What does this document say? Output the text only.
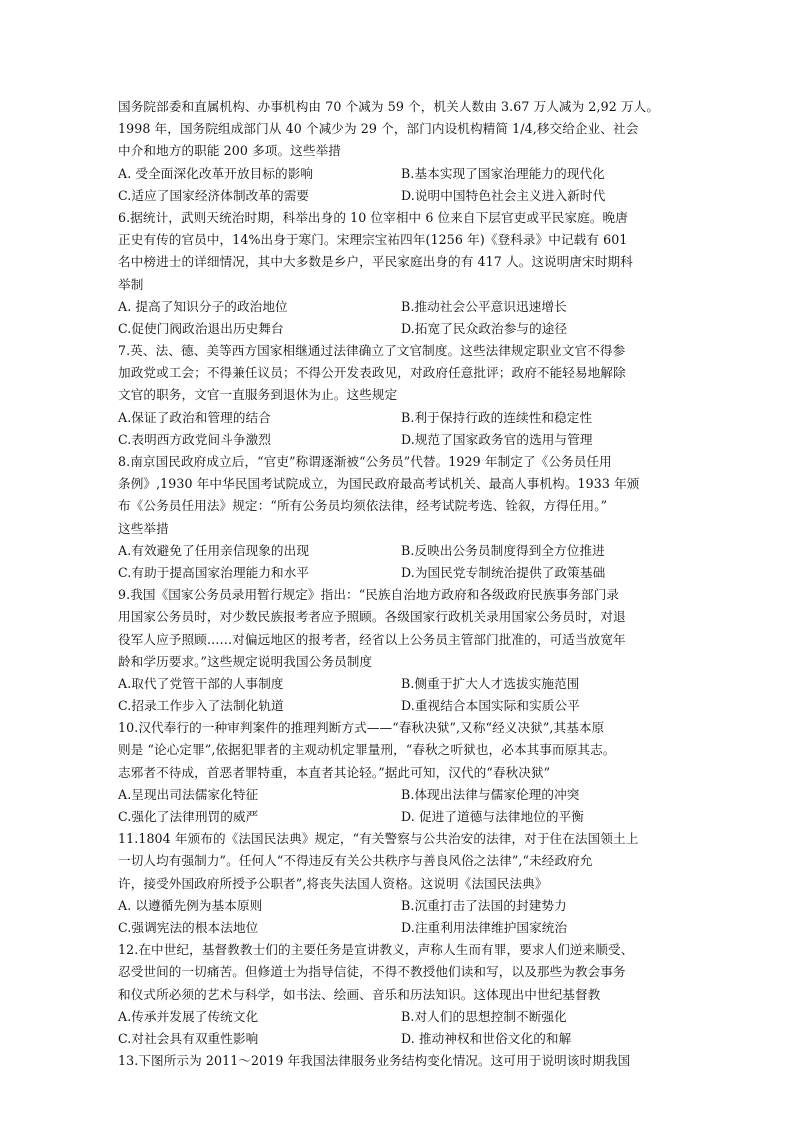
国务院部委和直属机构、办事机构由 70 个减为 59 个，机关人数由 3.67 万人减为 2,92 万人。
1998 年，国务院组成部门从 40 个减少为 29 个，部门内设机构精简 1/4,移交给企业、社会
中介和地方的职能 200 多项。这些举措
A. 受全面深化改革开放目标的影响	B.基本实现了国家治理能力的现代化
C.适应了国家经济体制改革的需要	D.说明中国特色社会主义进入新时代
6.据统计，武则天统治时期，科举出身的 10 位宰相中 6 位来自下层官吏或平民家庭。晚唐
正史有传的官员中，14%出身于寒门。宋理宗宝祐四年(1256 年)《登科录》中记载有 601
名中榜进士的详细情况，其中大多数是乡户，平民家庭出身的有 417 人。这说明唐宋时期科
举制
A. 提高了知识分子的政治地位	B.推动社会公平意识迅速增长
C.促使门阀政治退出历史舞台	D.拓宽了民众政治参与的途径
7.英、法、德、美等西方国家相继通过法律确立了文官制度。这些法律规定职业文官不得参
加政党或工会；不得兼任议员；不得公开发表政见，对政府任意批评；政府不能轻易地解除
文官的职务，文官一直服务到退休为止。这些规定
A.保证了政治和管理的结合	B.利于保持行政的连续性和稳定性
C.表明西方政党间斗争激烈	D.规范了国家政务官的选用与管理
8.南京国民政府成立后，“官吏”称谓逐渐被“公务员”代替。1929 年制定了《公务员任用
条例》,1930 年中华民国考试院成立，为国民政府最高考试机关、最高人事机构。1933 年颁
布《公务员任用法》规定：“所有公务员均须依法律，经考试院考选、铨叙，方得任用。”
这些举措
A.有效避免了任用亲信现象的出现	B.反映出公务员制度得到全方位推进
C.有助于提高国家治理能力和水平	D.为国民党专制统治提供了政策基础
9.我国《国家公务员录用暂行规定》指出：“民族自治地方政府和各级政府民族事务部门录
用国家公务员时，对少数民族报考者应予照顾。各级国家行政机关录用国家公务员时，对退
役军人应予照顾……对偏远地区的报考者，经省以上公务员主管部门批准的，可适当放宽年
龄和学历要求。”这些规定说明我国公务员制度
A.取代了党管干部的人事制度	B.侧重于扩大人才选拔实施范围
C.招录工作步入了法制化轨道	D.重视结合本国实际和实质公平
10.汉代奉行的一种审判案件的推理判断方式——“春秋决狱”,又称“经义决狱”,其基本原
则是 “论心定罪”,依据犯罪者的主观动机定罪量刑，“春秋之听狱也，必本其事而原其志。
志邪者不待成，首恶者罪特重，本直者其论轻。”据此可知，汉代的“春秋决狱”
A.呈现出司法儒家化特征	B.体现出法律与儒家伦理的冲突
C.强化了法律刑罚的威严	D. 促进了道德与法律地位的平衡
11.1804 年颁布的《法国民法典》规定，“有关警察与公共治安的法律，对于住在法国领土上
一切人均有强制力”。任何人“不得违反有关公共秩序与善良风俗之法律”,“未经政府允
许，接受外国政府所授予公职者”,将丧失法国人资格。这说明《法国民法典》
A. 以遵循先例为基本原则	B.沉重打击了法国的封建势力
C.强调宪法的根本法地位	D.注重利用法律维护国家统治
12.在中世纪，基督教教士们的主要任务是宣讲教义，声称人生而有罪，要求人们逆来顺受、
忍受世间的一切痛苦。但修道士为指导信徒，不得不教授他们读和写，以及那些为教会事务
和仪式所必须的艺术与科学，如书法、绘画、音乐和历法知识。这体现出中世纪基督教
A.传承并发展了传统文化	B.对人们的思想控制不断强化
C.对社会具有双重性影响	D. 推动神权和世俗文化的和解
13.下图所示为 2011～2019 年我国法律服务业务结构变化情况。这可用于说明该时期我国
